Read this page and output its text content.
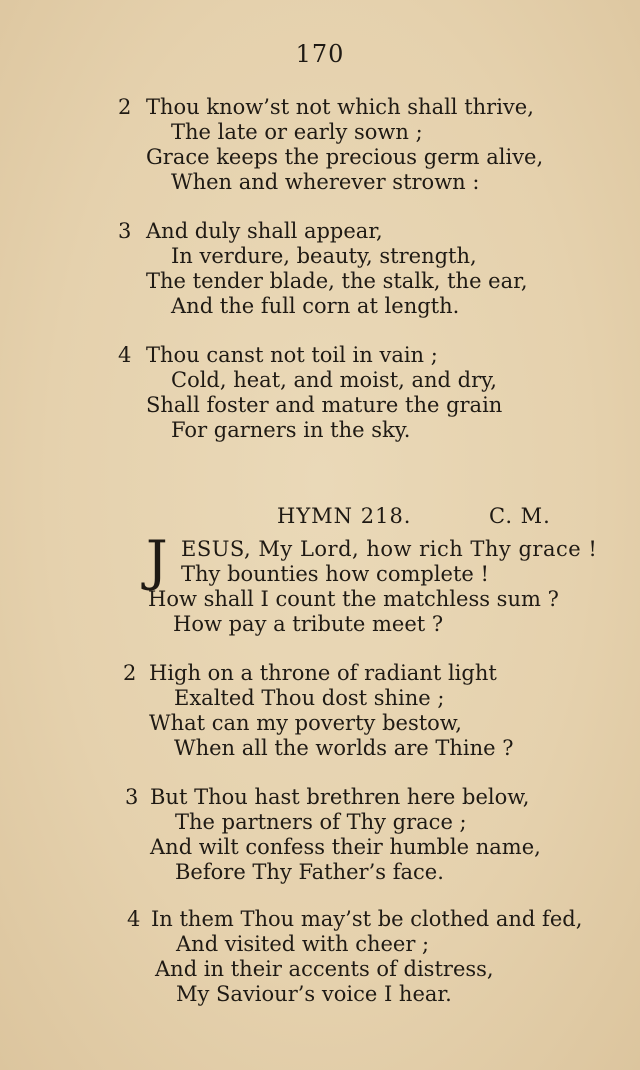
170
2 Thou know’st not which shall thrive,
The late or early sown ;
Grace keeps the precious germ alive,
When and wherever strown :
3 And duly shall appear,
In verdure, beauty, strength,
The tender blade, the stalk, the ear,
And the full corn at length.
4 Thou canst not toil in vain ;
Cold, heat, and moist, and dry,
Shall foster and mature the grain
For garners in the sky.
HYMN 218.	C. M.
J ESUS, My Lord, how rich Thy grace !
Thy bounties how complete !
How shall I count the matchless sum ?
How pay a tribute meet ?
2 High on a throne of radiant light
Exalted Thou dost shine ;
What can my poverty bestow,
When all the worlds are Thine ?
3 But Thou hast brethren here below,
The partners of Thy grace ;
And wilt confess their humble name,
Before Thy Father’s face.
4 In them Thou may’st be clothed and fed,
And visited with cheer ;
And in their accents of distress,
My Saviour’s voice I hear.
